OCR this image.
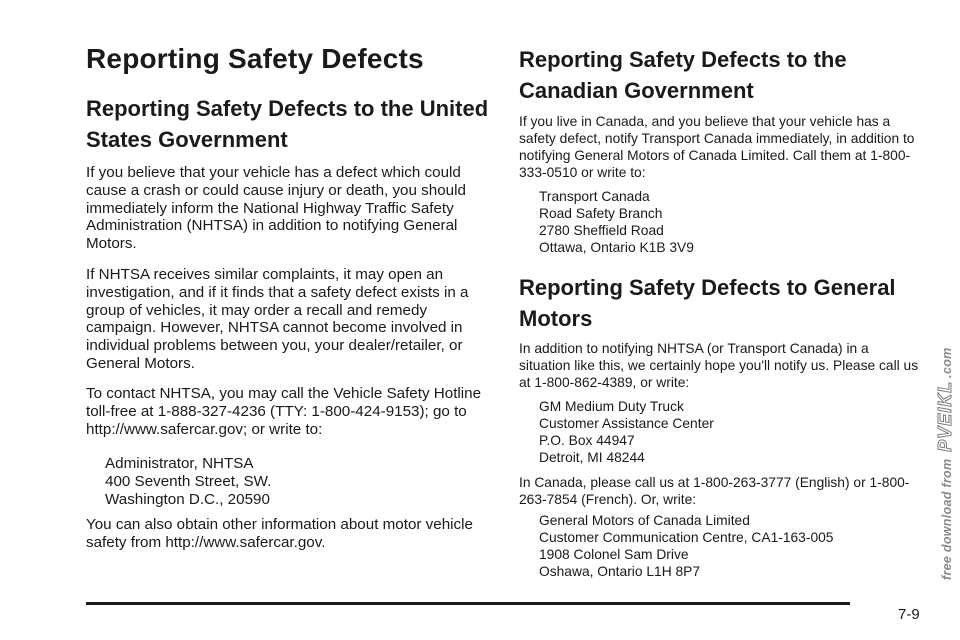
Reporting Safety Defects
Reporting Safety Defects to the United States Government

If you believe that your vehicle has a defect which could cause a crash or could cause injury or death, you should immediately inform the National Highway Traffic Safety Administration (NHTSA) in addition to notifying General Motors.

If NHTSA receives similar complaints, it may open an investigation, and if it finds that a safety defect exists in a group of vehicles, it may order a recall and remedy campaign. However, NHTSA cannot become involved in individual problems between you, your dealer/retailer, or General Motors.

To contact NHTSA, you may call the Vehicle Safety Hotline toll-free at 1-888-327-4236 (TTY: 1-800-424-9153); go to http://www.safercar.gov; or write to:

Administrator, NHTSA
400 Seventh Street, SW.
Washington D.C., 20590

You can also obtain other information about motor vehicle safety from http://www.safercar.gov.

Reporting Safety Defects to the Canadian Government

If you live in Canada, and you believe that your vehicle has a safety defect, notify Transport Canada immediately, in addition to notifying General Motors of Canada Limited. Call them at 1-800-333-0510 or write to:

Transport Canada
Road Safety Branch
2780 Sheffield Road
Ottawa, Ontario K1B 3V9
Reporting Safety Defects to General Motors

In addition to notifying NHTSA (or Transport Canada) in a situation like this, we certainly hope you'll notify us. Please call us at 1-800-862-4389, or write:

GM Medium Duty Truck
Customer Assistance Center
P.O. Box 44947
Detroit, MI 48244

In Canada, please call us at 1-800-263-3777 (English) or 1-800-263-7854 (French). Or, write:

General Motors of Canada Limited
Customer Communication Centre, CA1-163-005
1908 Colonel Sam Drive
Oshawa, Ontario L1H 8P7
7-9
free download from PVEIKL.com
